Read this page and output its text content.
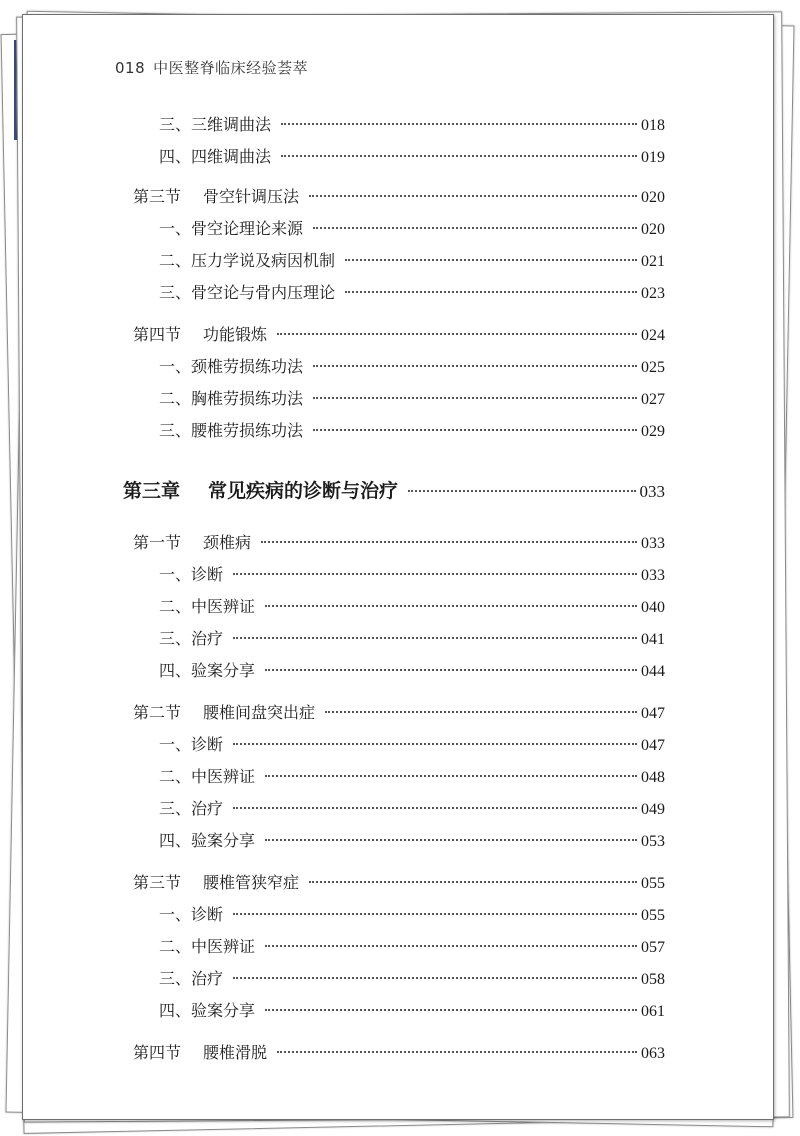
018 中医整脊临床经验荟萃
三、三维调曲法	018
四、四维调曲法	019
第三节 骨空针调压法	020
一、骨空论理论来源	020
二、压力学说及病因机制	021
三、骨空论与骨内压理论	023
第四节 功能锻炼	024
一、颈椎劳损练功法	025
二、胸椎劳损练功法	027
三、腰椎劳损练功法	029
第三章 常见疾病的诊断与治疗	033
第一节 颈椎病	033
一、诊断	033
二、中医辨证	040
三、治疗	041
四、验案分享	044
第二节 腰椎间盘突出症	047
一、诊断	047
二、中医辨证	048
三、治疗	049
四、验案分享	053
第三节 腰椎管狭窄症	055
一、诊断	055
二、中医辨证	057
三、治疗	058
四、验案分享	061
第四节 腰椎滑脱	063
